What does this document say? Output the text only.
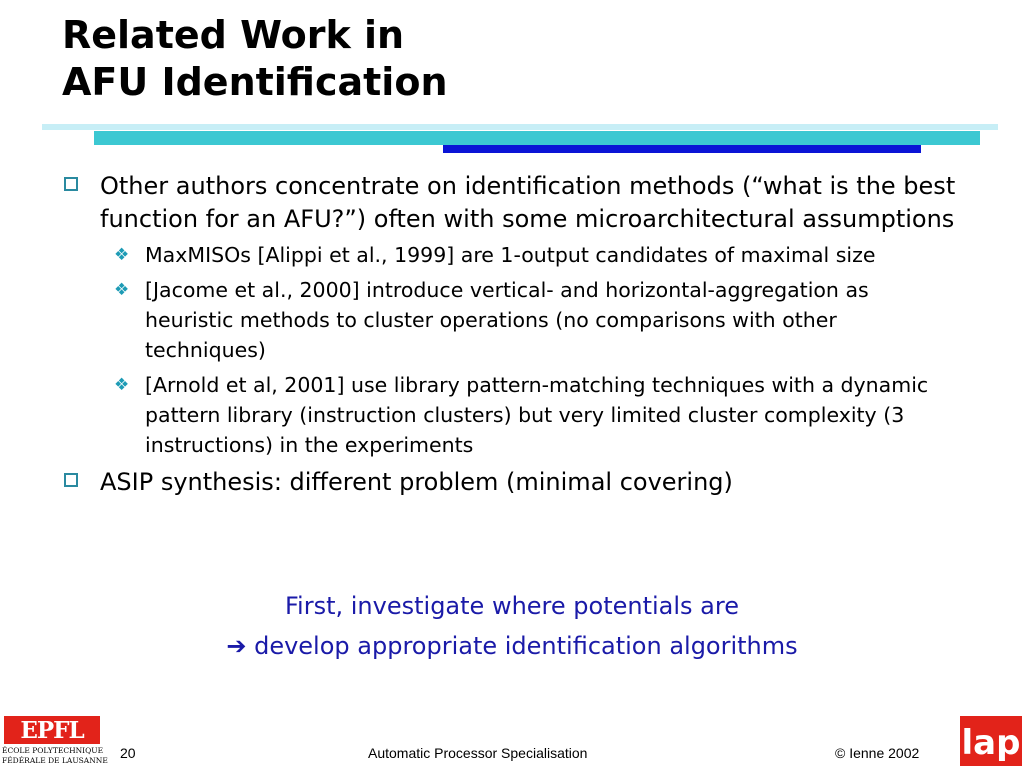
Related Work in
AFU Identification
Other authors concentrate on identification methods (“what is the best function for an AFU?”) often with some microarchitectural assumptions
❖ MaxMISOs [Alippi et al., 1999] are 1-output candidates of maximal size
❖ [Jacome et al., 2000] introduce vertical- and horizontal-aggregation as heuristic methods to cluster operations (no comparisons with other techniques)
❖ [Arnold et al, 2001] use library pattern-matching techniques with a dynamic pattern library (instruction clusters) but very limited cluster complexity (3 instructions) in the experiments
ASIP synthesis: different problem (minimal covering)
First, investigate where potentials are
➔ develop appropriate identification algorithms
EPFL
ÉCOLE POLYTECHNIQUE
FÉDÉRALE DE LAUSANNE 20	Automatic Processor Specialisation	© Ienne 2002 lap
